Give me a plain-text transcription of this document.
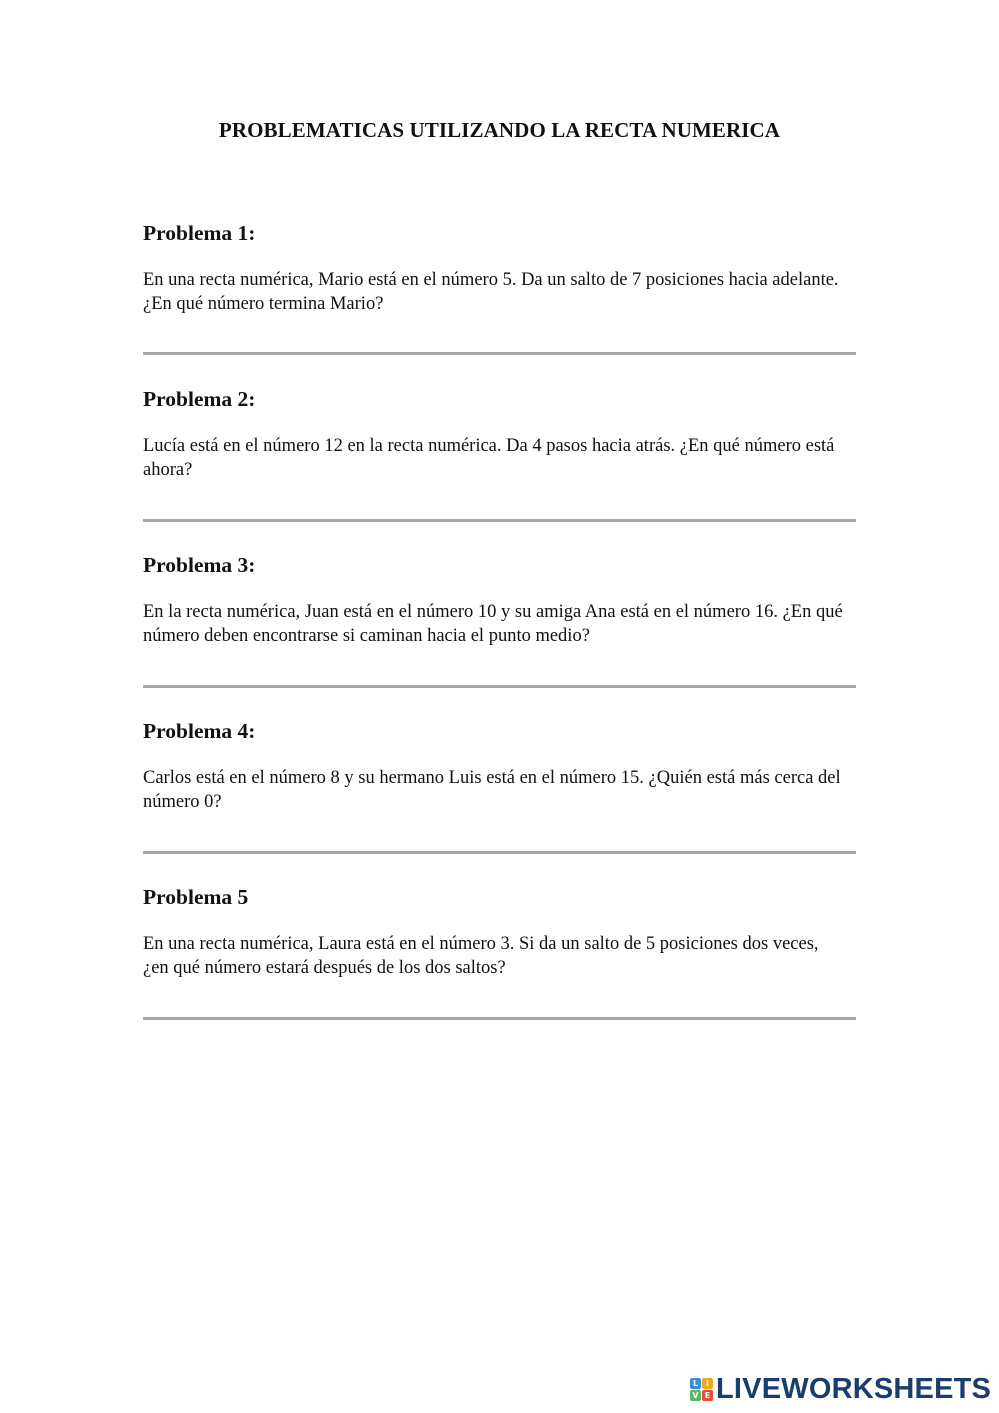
PROBLEMATICAS UTILIZANDO LA RECTA NUMERICA
Problema 1:

En una recta numérica, Mario está en el número 5. Da un salto de 7 posiciones hacia adelante. ¿En qué número termina Mario?

Problema 2:

Lucía está en el número 12 en la recta numérica. Da 4 pasos hacia atrás. ¿En qué número está ahora?

Problema 3:

En la recta numérica, Juan está en el número 10 y su amiga Ana está en el número 16. ¿En qué número deben encontrarse si caminan hacia el punto medio?

Problema 4:

Carlos está en el número 8 y su hermano Luis está en el número 15. ¿Quién está más cerca del número 0?

Problema 5

En una recta numérica, Laura está en el número 3. Si da un salto de 5 posiciones dos veces, ¿en qué número estará después de los dos saltos?

L I
V E LIVEWORKSHEETS
